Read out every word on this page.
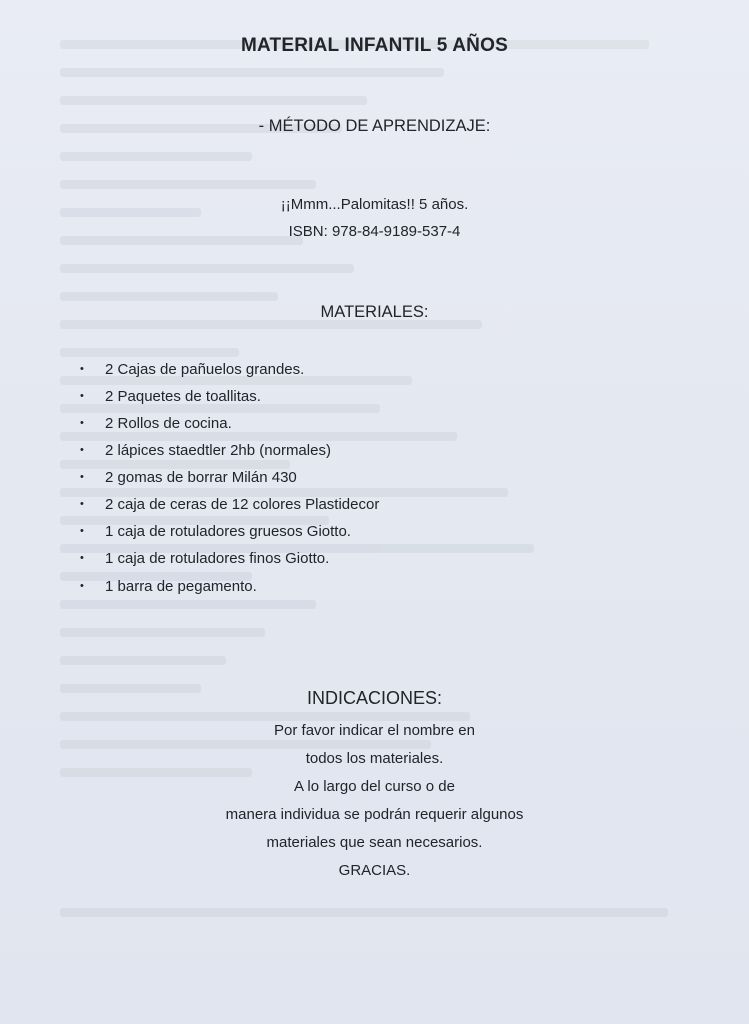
MATERIAL INFANTIL 5 AÑOS
- MÉTODO DE APRENDIZAJE:
¡¡Mmm...Palomitas!! 5 años.
ISBN: 978-84-9189-537-4
MATERIALES:
• 2 Cajas de pañuelos grandes.
• 2 Paquetes de toallitas.
• 2 Rollos de cocina.
• 2 lápices staedtler 2hb (normales)
• 2 gomas de borrar Milán 430
• 2 caja de ceras de 12 colores Plastidecor
• 1 caja de rotuladores gruesos Giotto.
• 1 caja de rotuladores finos Giotto.
• 1 barra de pegamento.
INDICACIONES:
Por favor indicar el nombre en
todos los materiales.
A lo largo del curso o de
manera individua se podrán requerir algunos
materiales que sean necesarios.
GRACIAS.
